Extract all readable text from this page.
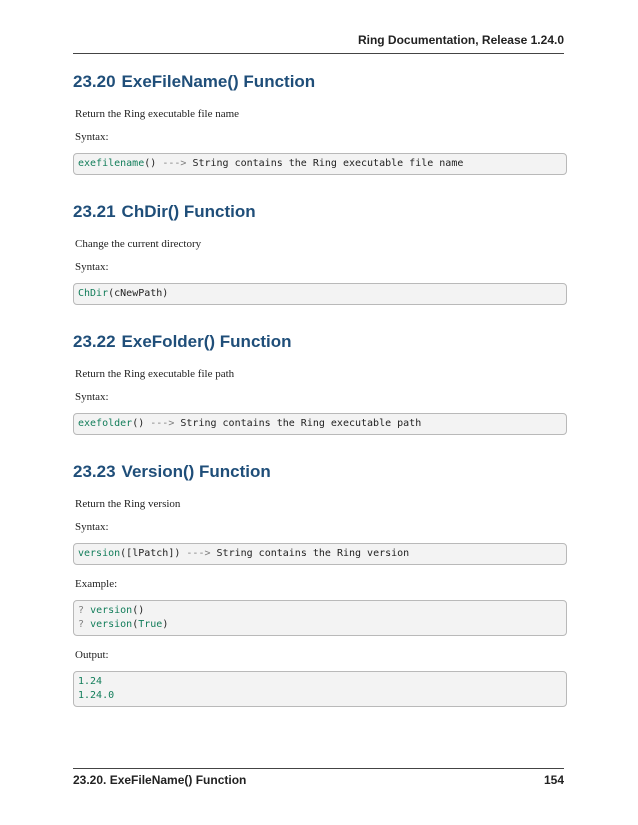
Ring Documentation, Release 1.24.0
23.20 ExeFileName() Function

Return the Ring executable file name

Syntax:

exefilename() ---> String contains the Ring executable file name
23.21 ChDir() Function

Change the current directory

Syntax:

ChDir(cNewPath)
23.22 ExeFolder() Function

Return the Ring executable file path

Syntax:

exefolder() ---> String contains the Ring executable path
23.23 Version() Function

Return the Ring version

Syntax:

version([lPatch]) ---> String contains the Ring version

Example:

? version()
? version(True)

Output:

1.24
1.24.0
23.20. ExeFileName() Function	154
